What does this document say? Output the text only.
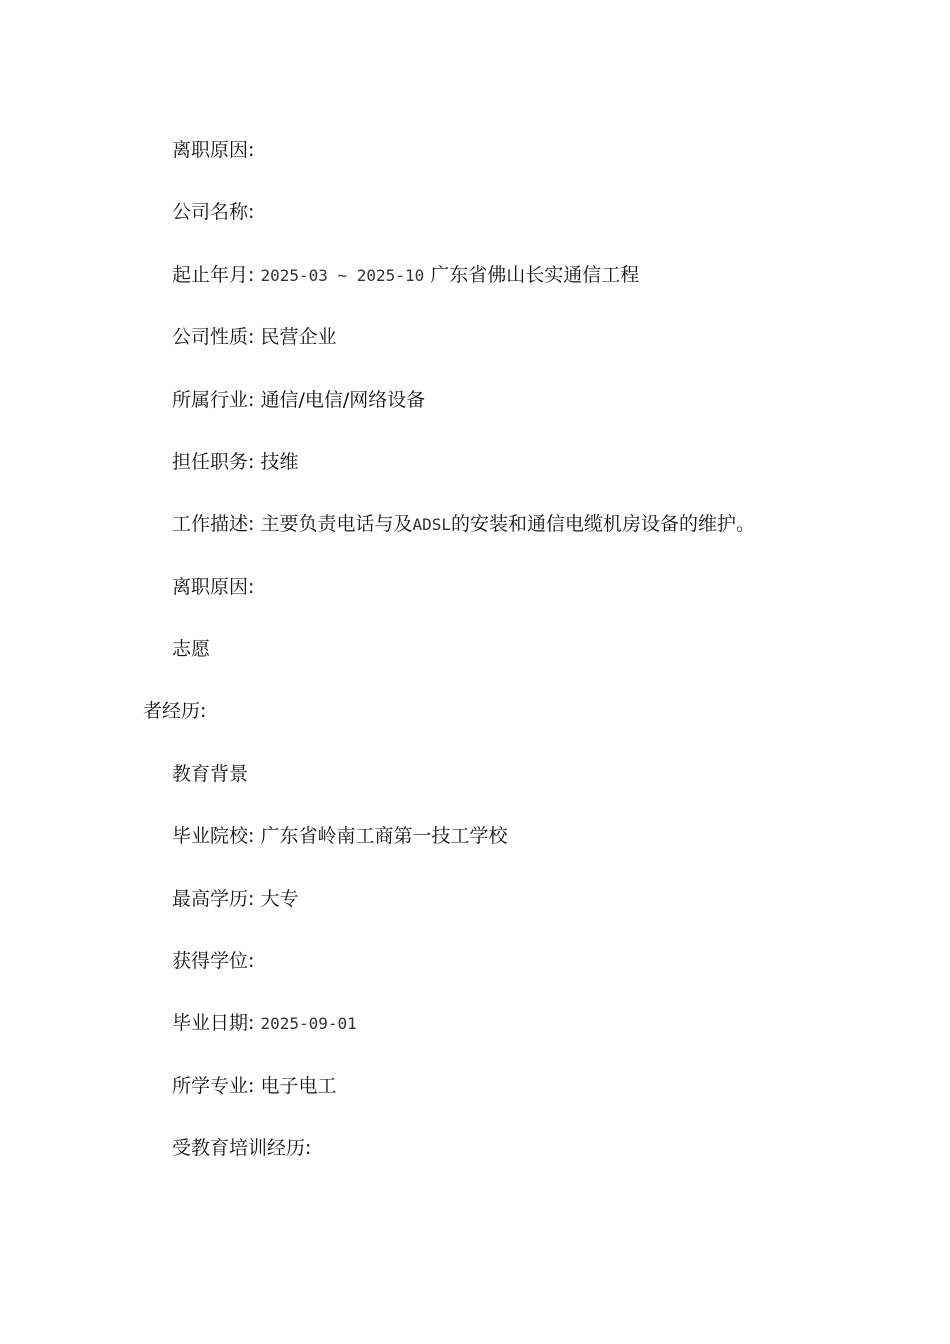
离职原因:
公司名称:
起止年月: 2025-03 ~ 2025-10 广东省佛山长实通信工程
公司性质: 民营企业
所属行业: 通信/电信/网络设备
担任职务: 技维
工作描述: 主要负责电话与及ADSL的安装和通信电缆机房设备的维护。
离职原因:
志愿
者经历:
教育背景
毕业院校: 广东省岭南工商第一技工学校
最高学历: 大专
获得学位:
毕业日期: 2025-09-01
所学专业: 电子电工
受教育培训经历:
